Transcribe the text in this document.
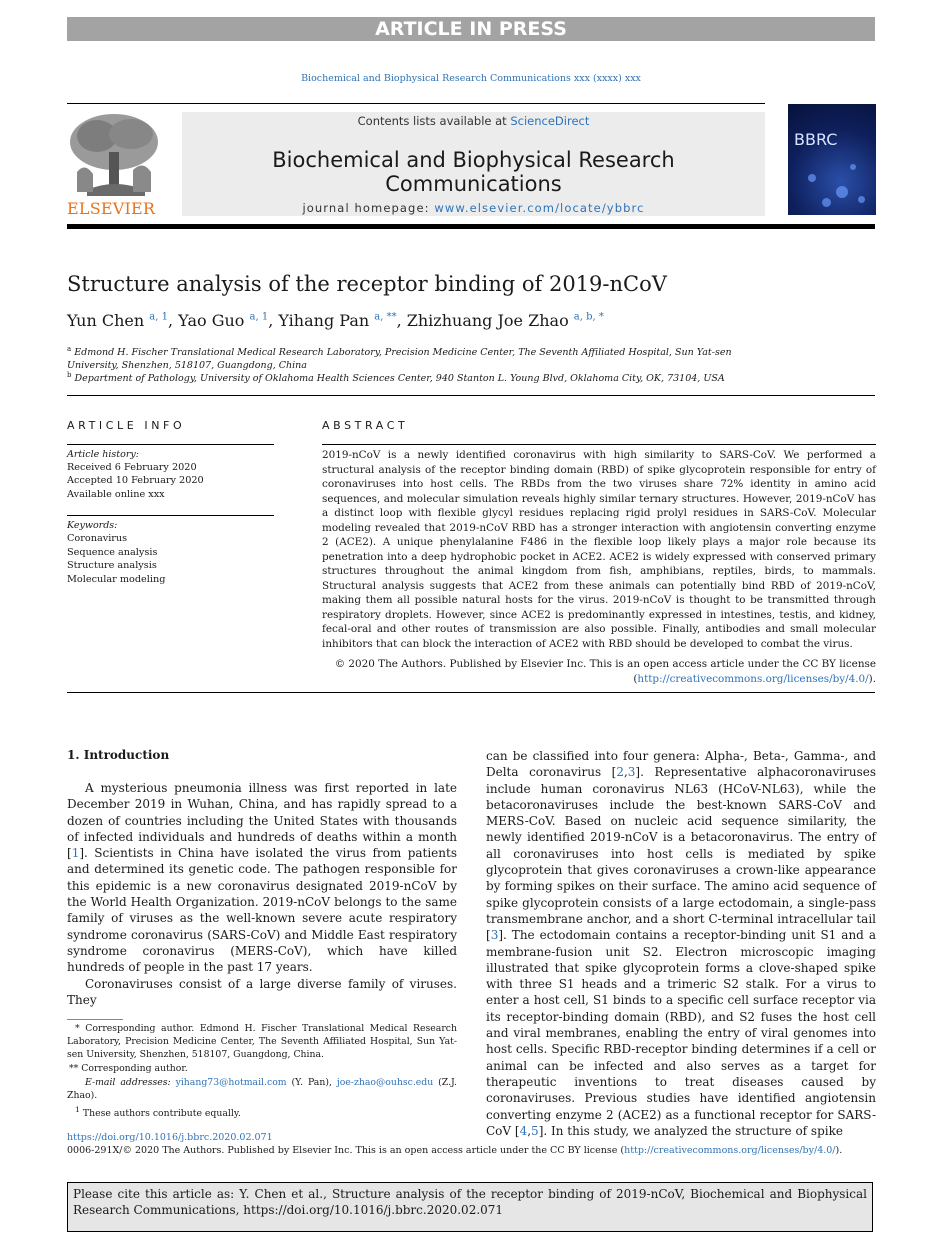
ARTICLE IN PRESS
Biochemical and Biophysical Research Communications xxx (xxxx) xxx
ELSEVIER
Contents lists available at ScienceDirect
Biochemical and Biophysical Research Communications
journal homepage: www.elsevier.com/locate/ybbrc
BBRC
Structure analysis of the receptor binding of 2019-nCoV
Yun Chen $^{a, 1}$, Yao Guo $^{a, 1}$, Yihang Pan $^{a, **}$, Zhizhuang Joe Zhao $^{a, b, *}$
$^a$ Edmond H. Fischer Translational Medical Research Laboratory, Precision Medicine Center, The Seventh Affiliated Hospital, Sun Yat-sen University, Shenzhen, 518107, Guangdong, China
$^b$ Department of Pathology, University of Oklahoma Health Sciences Center, 940 Stanton L. Young Blvd, Oklahoma City, OK, 73104, USA
ARTICLE INFO
Article history:
Received 6 February 2020
Accepted 10 February 2020
Available online xxx
Keywords:
Coronavirus
Sequence analysis
Structure analysis
Molecular modeling
ABSTRACT
2019-nCoV is a newly identified coronavirus with high similarity to SARS-CoV. We performed a structural analysis of the receptor binding domain (RBD) of spike glycoprotein responsible for entry of coronaviruses into host cells. The RBDs from the two viruses share 72% identity in amino acid sequences, and molecular simulation reveals highly similar ternary structures. However, 2019-nCoV has a distinct loop with flexible glycyl residues replacing rigid prolyl residues in SARS-CoV. Molecular modeling revealed that 2019-nCoV RBD has a stronger interaction with angiotensin converting enzyme 2 (ACE2). A unique phenylalanine F486 in the flexible loop likely plays a major role because its penetration into a deep hydrophobic pocket in ACE2. ACE2 is widely expressed with conserved primary structures throughout the animal kingdom from fish, amphibians, reptiles, birds, to mammals. Structural analysis suggests that ACE2 from these animals can potentially bind RBD of 2019-nCoV, making them all possible natural hosts for the virus. 2019-nCoV is thought to be transmitted through respiratory droplets. However, since ACE2 is predominantly expressed in intestines, testis, and kidney, fecal-oral and other routes of transmission are also possible. Finally, antibodies and small molecular inhibitors that can block the interaction of ACE2 with RBD should be developed to combat the virus.
© 2020 The Authors. Published by Elsevier Inc. This is an open access article under the CC BY license
(http://creativecommons.org/licenses/by/4.0/).
1. Introduction

A mysterious pneumonia illness was first reported in late December 2019 in Wuhan, China, and has rapidly spread to a dozen of countries including the United States with thousands of infected individuals and hundreds of deaths within a month [1]. Scientists in China have isolated the virus from patients and determined its genetic code. The pathogen responsible for this epidemic is a new coronavirus designated 2019-nCoV by the World Health Organization. 2019-nCoV belongs to the same family of viruses as the well-known severe acute respiratory syndrome coronavirus (SARS-CoV) and Middle East respiratory syndrome coronavirus (MERS-CoV), which have killed hundreds of people in the past 17 years.

Coronaviruses consist of a large diverse family of viruses. They

* Corresponding author. Edmond H. Fischer Translational Medical Research Laboratory, Precision Medicine Center, The Seventh Affiliated Hospital, Sun Yat-sen University, Shenzhen, 518107, Guangdong, China.
** Corresponding author.
E-mail addresses: yihang73@hotmail.com (Y. Pan), joe-zhao@ouhsc.edu (Z.J. Zhao).
$^1$ These authors contribute equally.

can be classified into four genera: Alpha-, Beta-, Gamma-, and Delta coronavirus [2,3]. Representative alphacoronaviruses include human coronavirus NL63 (HCoV-NL63), while the betacoronaviruses include the best-known SARS-CoV and MERS-CoV. Based on nucleic acid sequence similarity, the newly identified 2019-nCoV is a betacoronavirus. The entry of all coronaviruses into host cells is mediated by spike glycoprotein that gives coronaviruses a crown-like appearance by forming spikes on their surface. The amino acid sequence of spike glycoprotein consists of a large ectodomain, a single-pass transmembrane anchor, and a short C-terminal intracellular tail [3]. The ectodomain contains a receptor-binding unit S1 and a membrane-fusion unit S2. Electron microscopic imaging illustrated that spike glycoprotein forms a clove-shaped spike with three S1 heads and a trimeric S2 stalk. For a virus to enter a host cell, S1 binds to a specific cell surface receptor via its receptor-binding domain (RBD), and S2 fuses the host cell and viral membranes, enabling the entry of viral genomes into host cells. Specific RBD-receptor binding determines if a cell or animal can be infected and also serves as a target for therapeutic inventions to treat diseases caused by coronaviruses. Previous studies have identified angiotensin converting enzyme 2 (ACE2) as a functional receptor for SARS-CoV [4,5]. In this study, we analyzed the structure of spike

https://doi.org/10.1016/j.bbrc.2020.02.071
0006-291X/© 2020 The Authors. Published by Elsevier Inc. This is an open access article under the CC BY license (http://creativecommons.org/licenses/by/4.0/).
Please cite this article as: Y. Chen et al., Structure analysis of the receptor binding of 2019-nCoV, Biochemical and Biophysical Research Communications, https://doi.org/10.1016/j.bbrc.2020.02.071
